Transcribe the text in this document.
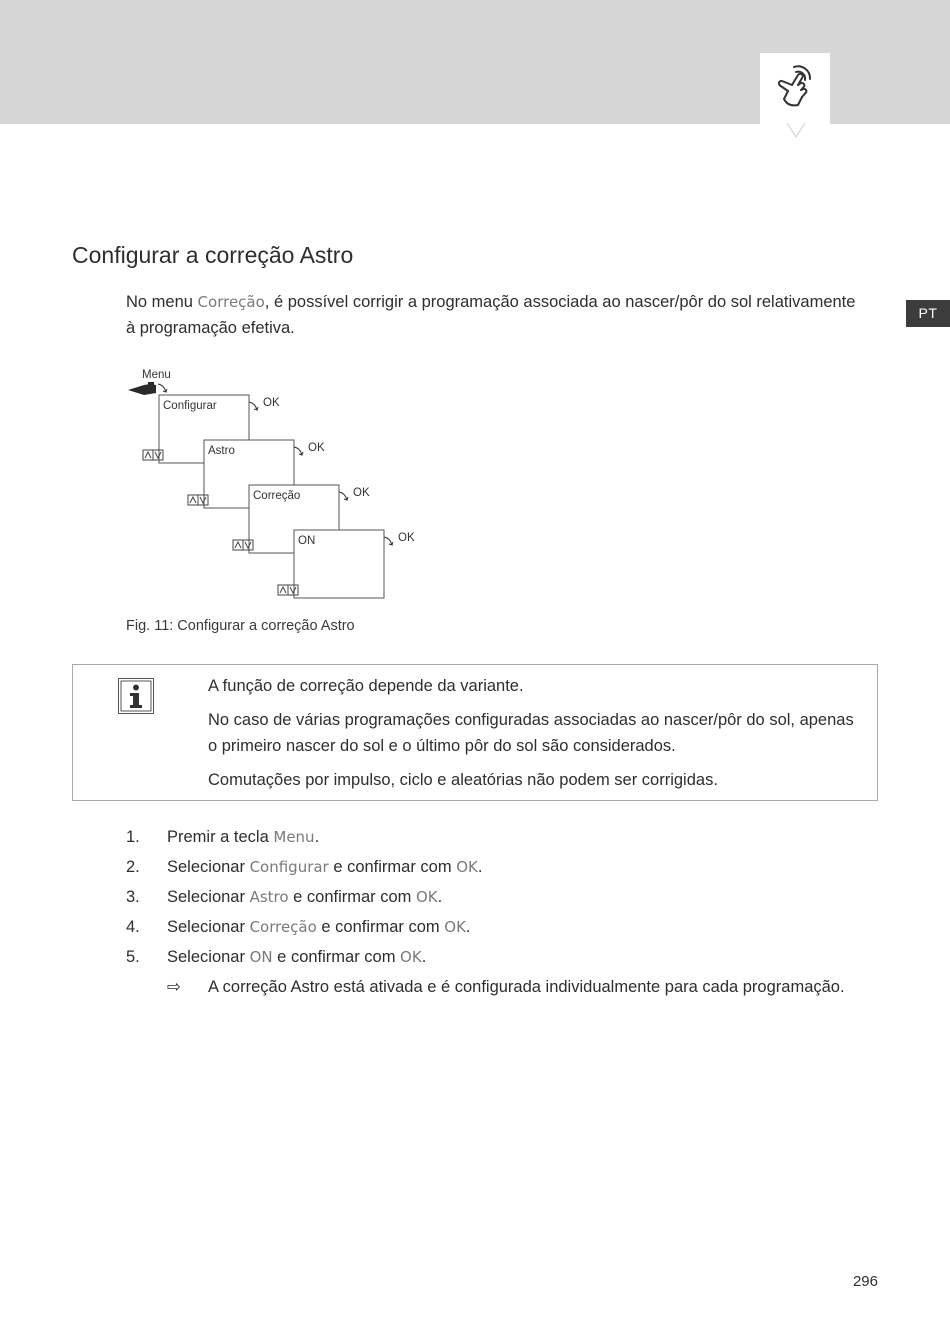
PT
Configurar a correção Astro

No menu Correção, é possível corrigir a programação associada ao nascer/pôr do sol relativamente à programação efetiva.

Menu
Configurar	OK
Astro	OK
Correção	OK
ON	OK

Fig. 11: Configurar a correção Astro

A função de correção depende da variante.

No caso de várias programações configuradas associadas ao nascer/pôr do sol, apenas o primeiro nascer do sol e o último pôr do sol são considerados.

Comutações por impulso, ciclo e aleatórias não podem ser corrigidas.

1.	Premir a tecla Menu.
2.	Selecionar Configurar e confirmar com OK.
3.	Selecionar Astro e confirmar com OK.
4.	Selecionar Correção e confirmar com OK.
5.	Selecionar ON e confirmar com OK.
⇨ A correção Astro está ativada e é configurada individualmente para cada programação.
296
